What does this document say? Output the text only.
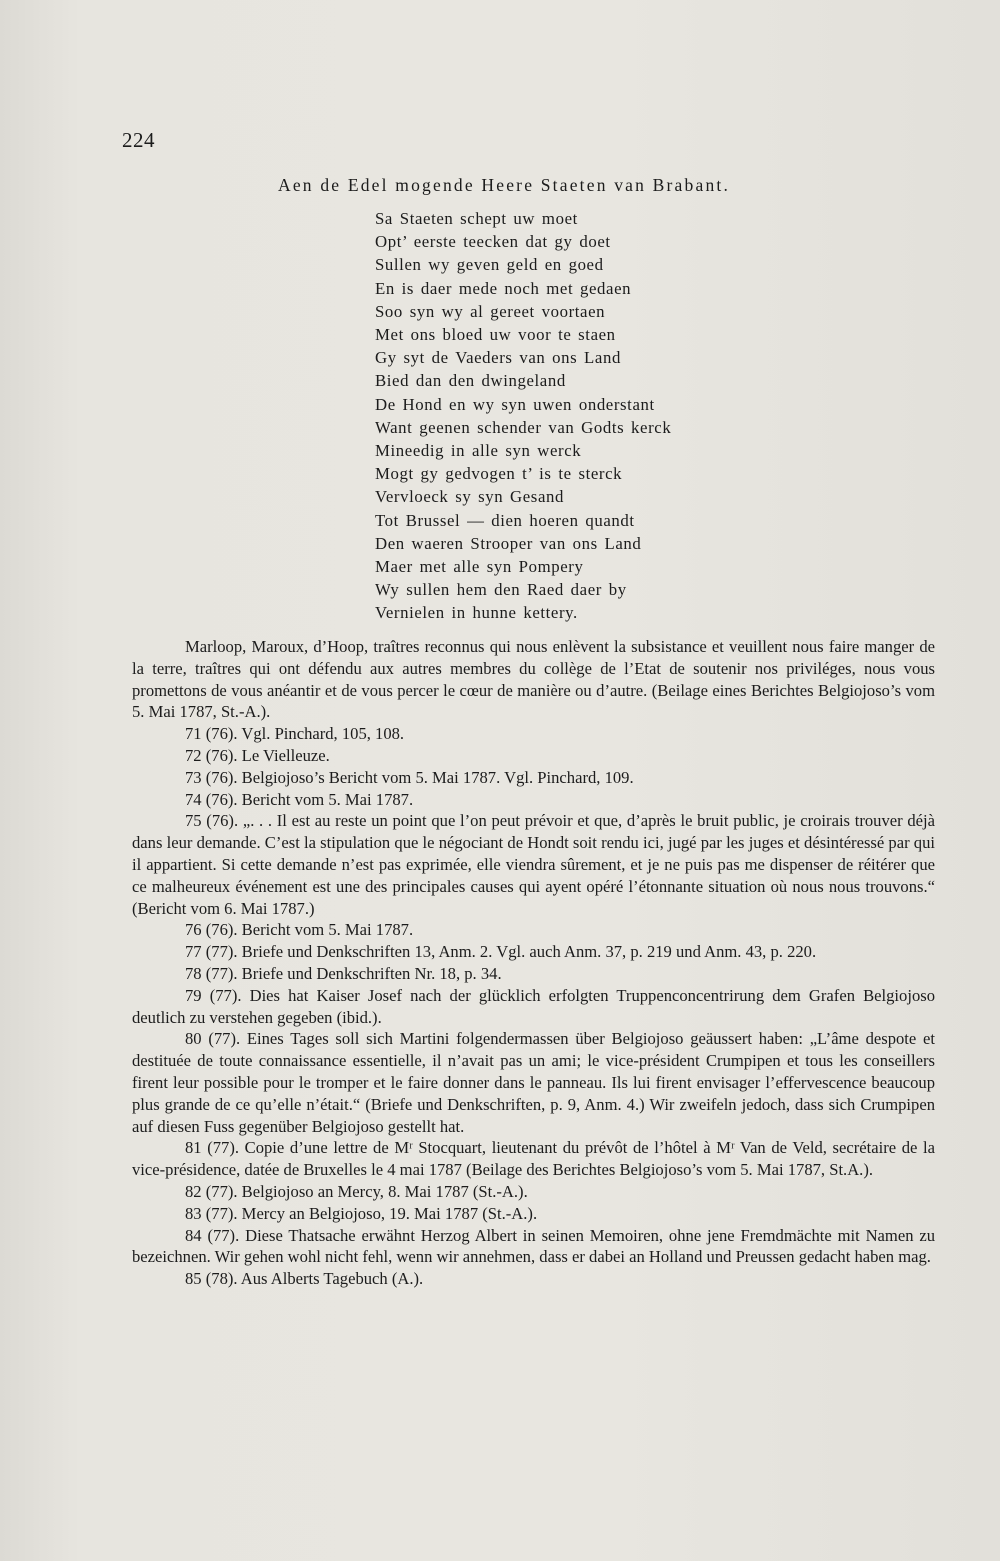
224
Aen de Edel mogende Heere Staeten van Brabant.
Sa Staeten schept uw moet
Opt’ eerste teecken dat gy doet
Sullen wy geven geld en goed
En is daer mede noch met gedaen
Soo syn wy al gereet voortaen
Met ons bloed uw voor te staen
Gy syt de Vaeders van ons Land
Bied dan den dwingeland
De Hond en wy syn uwen onderstant
Want geenen schender van Godts kerck
Mineedig in alle syn werck
Mogt gy gedvogen t’ is te sterck
Vervloeck sy syn Gesand
Tot Brussel — dien hoeren quandt
Den waeren Strooper van ons Land
Maer met alle syn Pompery
Wy sullen hem den Raed daer by
Vernielen in hunne kettery.

Marloop, Maroux, d’Hoop, traîtres reconnus qui nous enlèvent la subsistance et veuillent nous faire manger de la terre, traîtres qui ont défendu aux autres membres du collège de l’Etat de soutenir nos priviléges, nous vous promettons de vous anéantir et de vous percer le cœur de manière ou d’autre. (Beilage eines Berichtes Belgiojoso’s vom 5. Mai 1787, St.-A.).

71 (76). Vgl. Pinchard, 105, 108.

72 (76). Le Vielleuze.

73 (76). Belgiojoso’s Bericht vom 5. Mai 1787. Vgl. Pinchard, 109.

74 (76). Bericht vom 5. Mai 1787.

75 (76). „. . . Il est au reste un point que l’on peut prévoir et que, d’après le bruit public, je croirais trouver déjà dans leur demande. C’est la stipulation que le négociant de Hondt soit rendu ici, jugé par les juges et désintéressé par qui il appartient. Si cette demande n’est pas exprimée, elle viendra sûrement, et je ne puis pas me dispenser de réitérer que ce malheureux événement est une des principales causes qui ayent opéré l’étonnante situation où nous nous trouvons.“ (Bericht vom 6. Mai 1787.)

76 (76). Bericht vom 5. Mai 1787.

77 (77). Briefe und Denkschriften 13, Anm. 2. Vgl. auch Anm. 37, p. 219 und Anm. 43, p. 220.

78 (77). Briefe und Denkschriften Nr. 18, p. 34.

79 (77). Dies hat Kaiser Josef nach der glücklich erfolgten Truppenconcentrirung dem Grafen Belgiojoso deutlich zu verstehen gegeben (ibid.).

80 (77). Eines Tages soll sich Martini folgendermassen über Belgiojoso geäussert haben: „L’âme despote et destituée de toute connaissance essentielle, il n’avait pas un ami; le vice-président Crumpipen et tous les conseillers firent leur possible pour le tromper et le faire donner dans le panneau. Ils lui firent envisager l’effervescence beaucoup plus grande de ce qu’elle n’était.“ (Briefe und Denkschriften, p. 9, Anm. 4.) Wir zweifeln jedoch, dass sich Crumpipen auf diesen Fuss gegenüber Belgiojoso gestellt hat.

81 (77). Copie d’une lettre de Mʳ Stocquart, lieutenant du prévôt de l’hôtel à Mʳ Van de Veld, secrétaire de la vice-présidence, datée de Bruxelles le 4 mai 1787 (Beilage des Berichtes Belgiojoso’s vom 5. Mai 1787, St.A.).

82 (77). Belgiojoso an Mercy, 8. Mai 1787 (St.-A.).

83 (77). Mercy an Belgiojoso, 19. Mai 1787 (St.-A.).

84 (77). Diese Thatsache erwähnt Herzog Albert in seinen Memoiren, ohne jene Fremdmächte mit Namen zu bezeichnen. Wir gehen wohl nicht fehl, wenn wir annehmen, dass er dabei an Holland und Preussen gedacht haben mag.

85 (78). Aus Alberts Tagebuch (A.).
